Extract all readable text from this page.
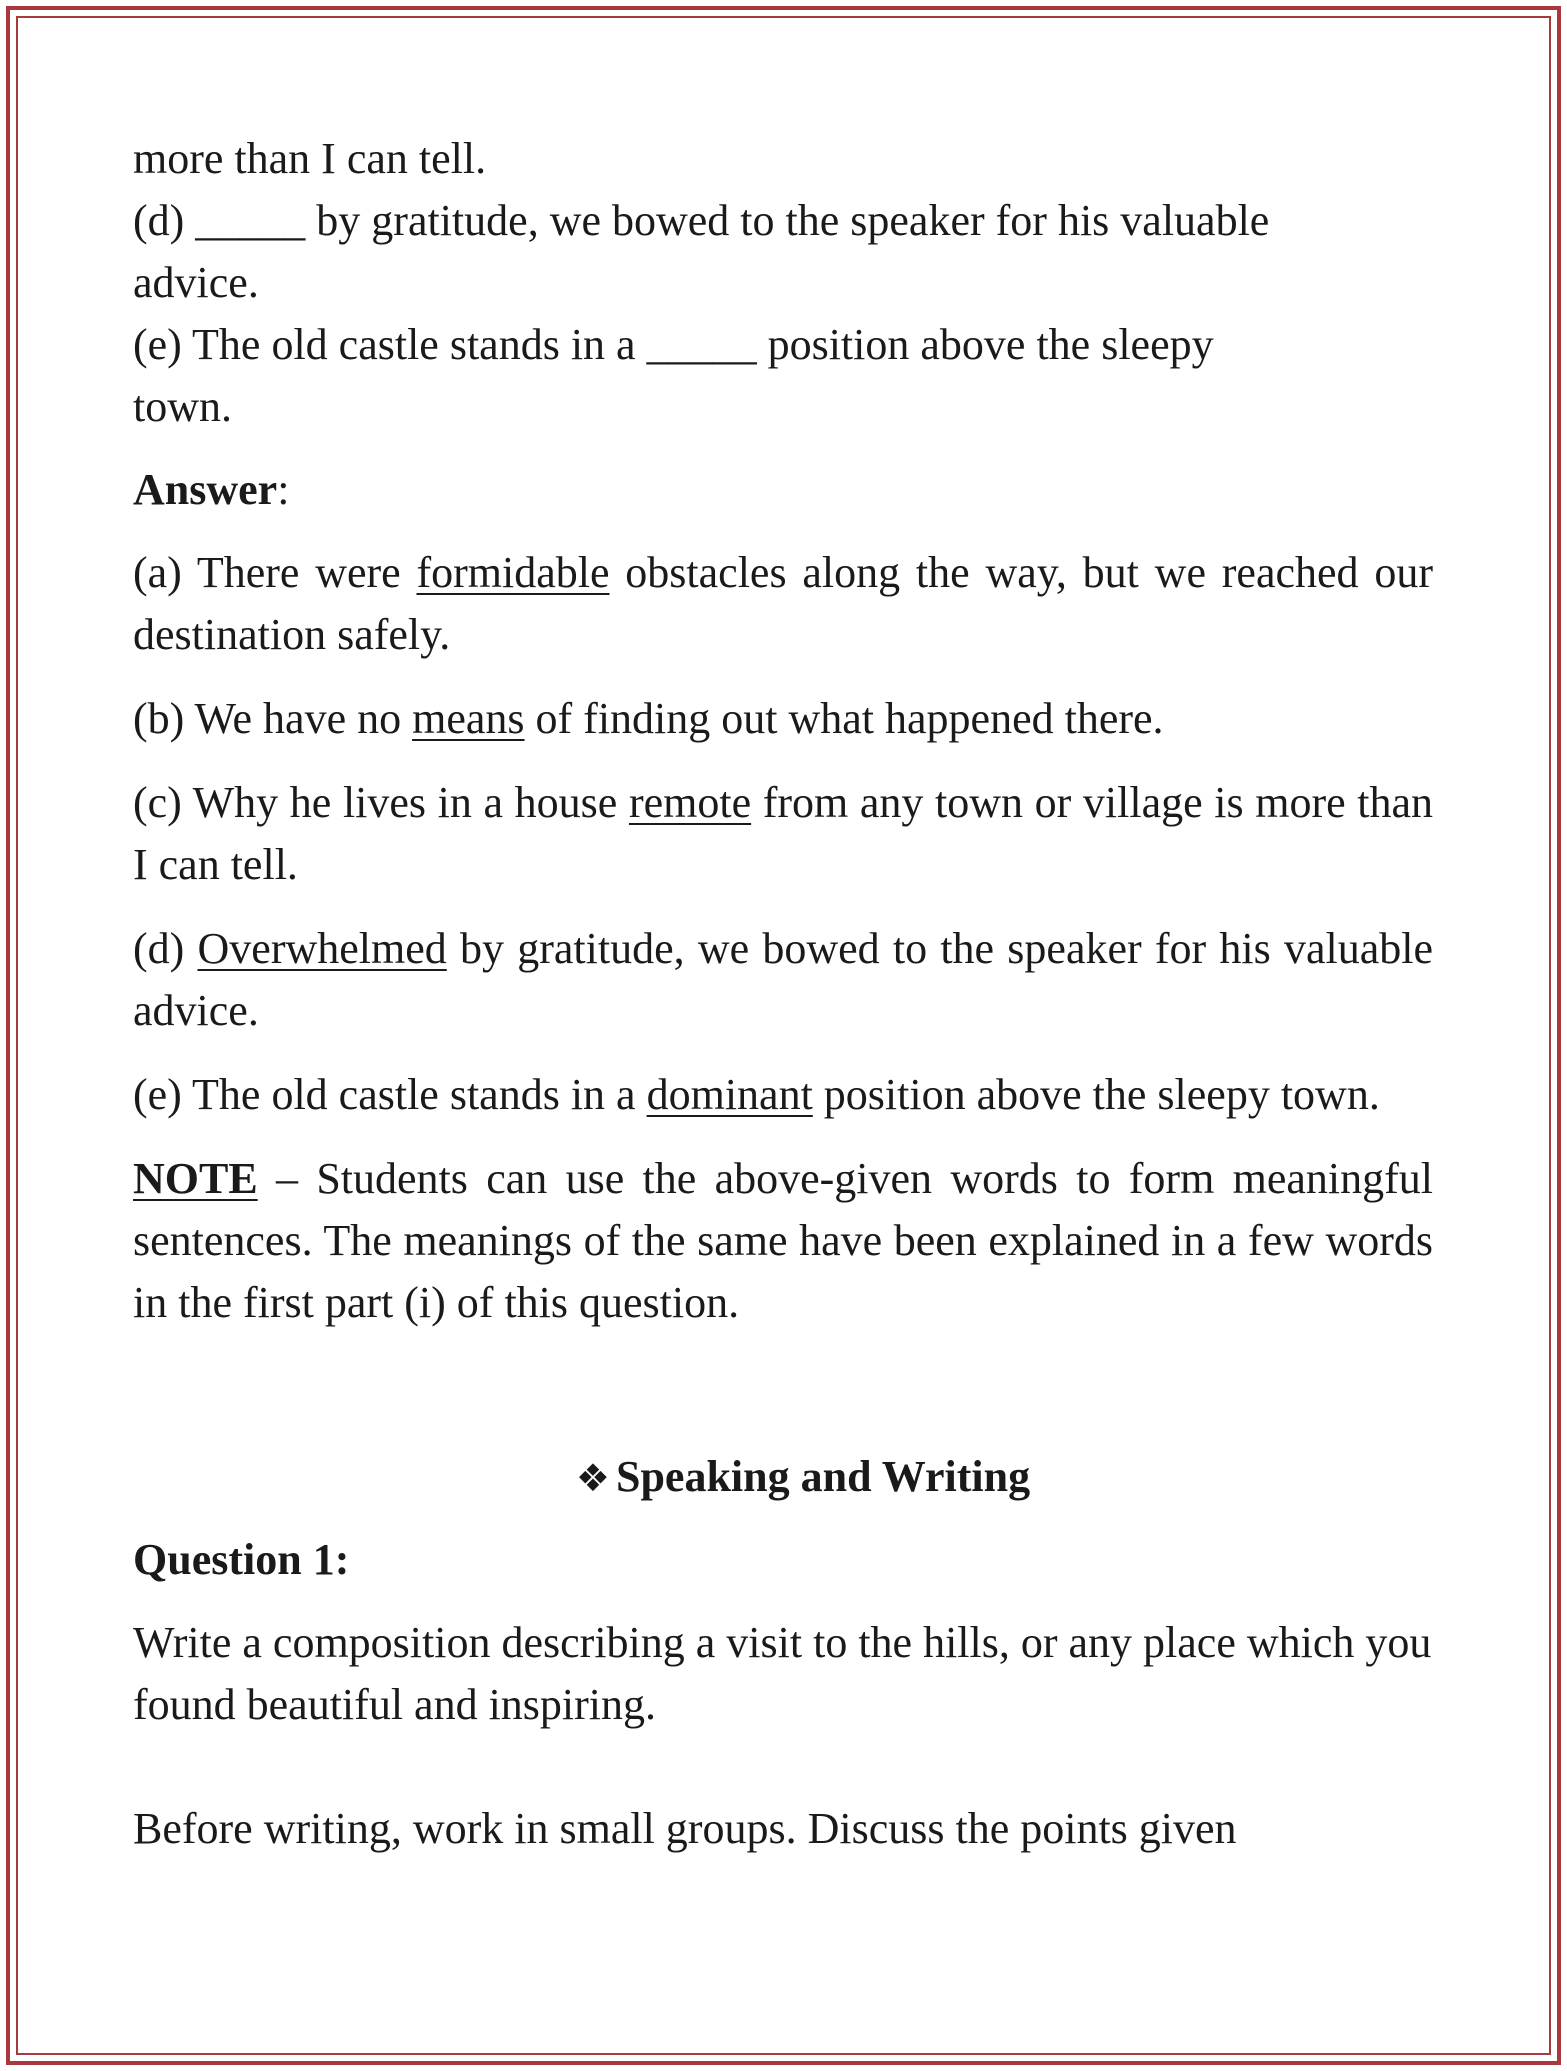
more than I can tell.

(d) _____ by gratitude, we bowed to the speaker for his valuable

advice.

(e) The old castle stands in a _____ position above the sleepy

town.

Answer:

(a) There were formidable obstacles along the way, but we reached our destination safely.

(b) We have no means of finding out what happened there.

(c) Why he lives in a house remote from any town or village is more than I can tell.

(d) Overwhelmed by gratitude, we bowed to the speaker for his valuable advice.

(e) The old castle stands in a dominant position above the sleepy town.

NOTE – Students can use the above-given words to form meaningful sentences. The meanings of the same have been explained in a few words in the first part (i) of this question.

❖ Speaking and Writing

Question 1:

Write a composition describing a visit to the hills, or any place which you found beautiful and inspiring.

Before writing, work in small groups. Discuss the points given
